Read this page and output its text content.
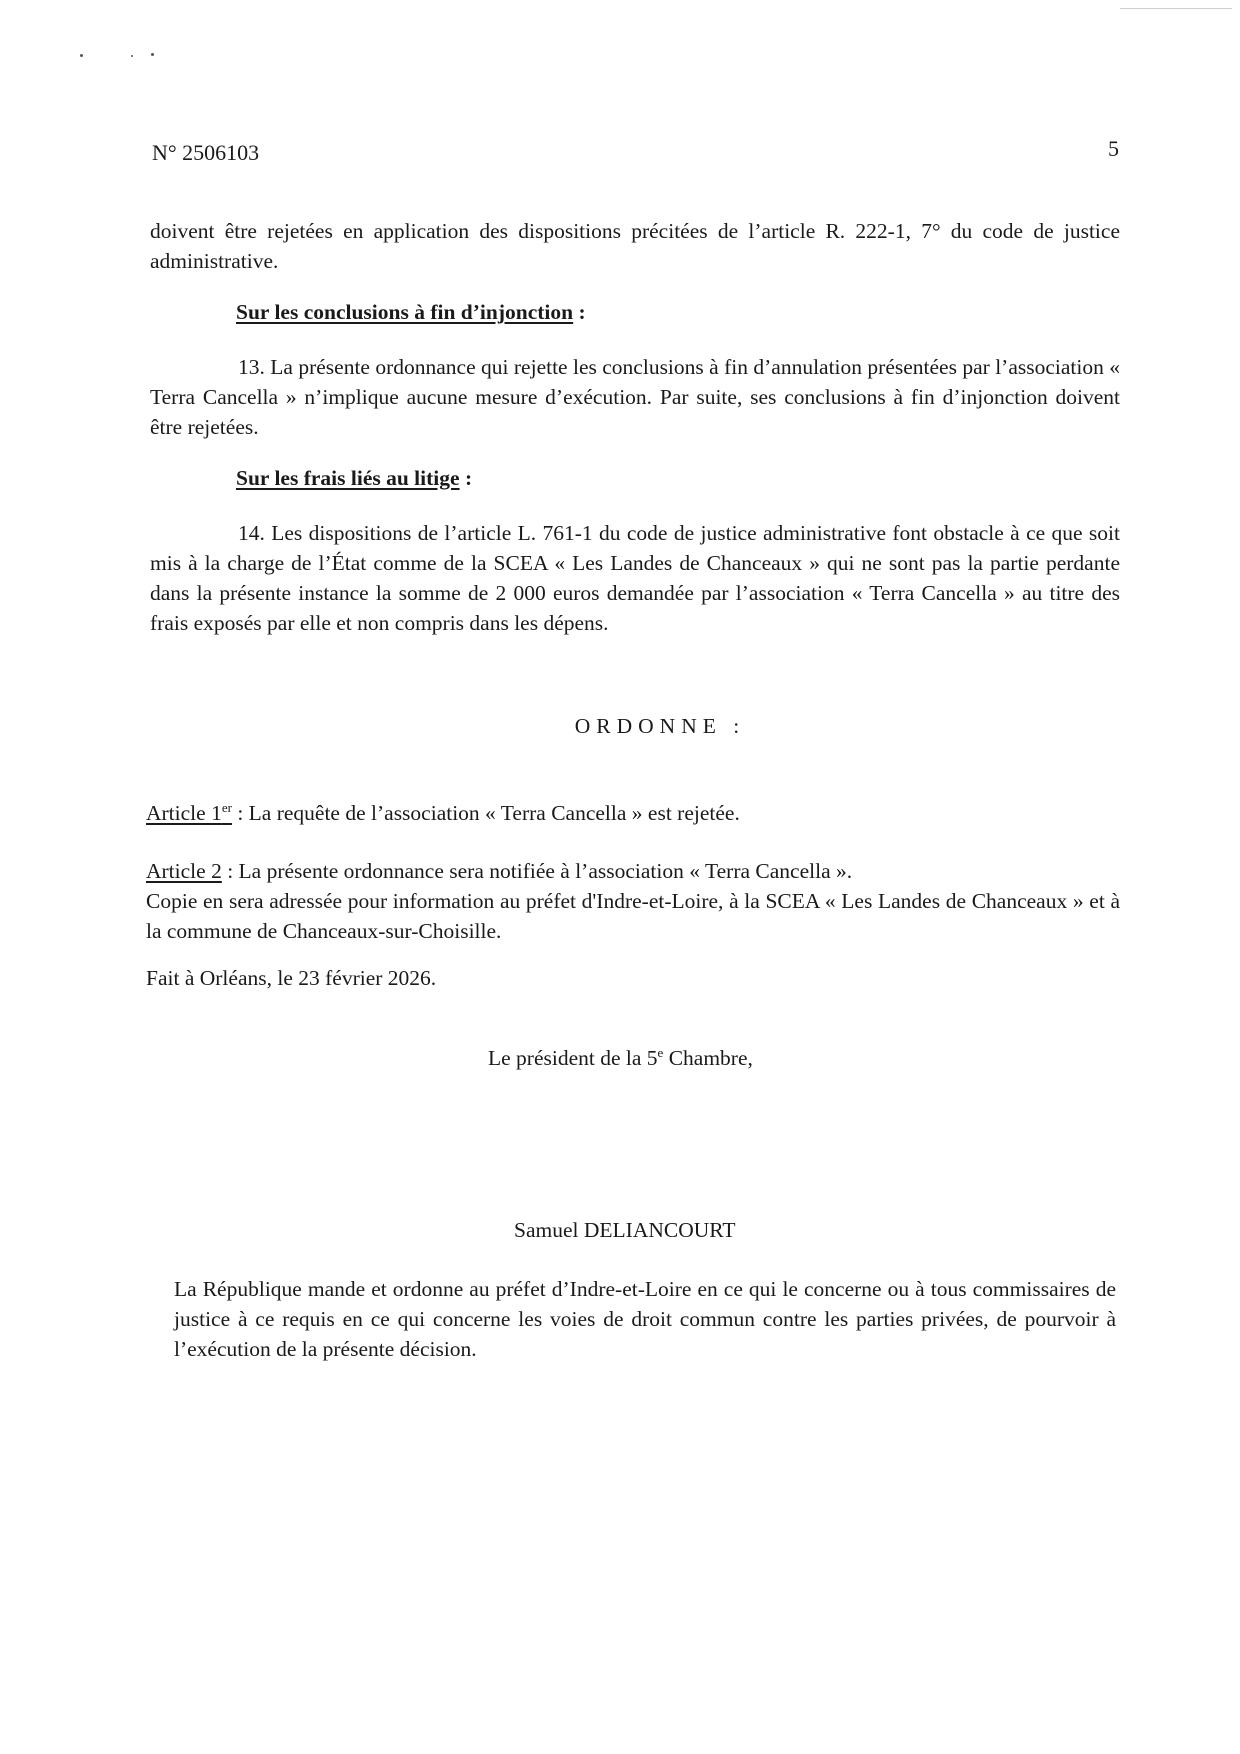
N° 2506103	5

doivent être rejetées en application des dispositions précitées de l’article R. 222-1, 7° du code de justice administrative.

Sur les conclusions à fin d’injonction :

13. La présente ordonnance qui rejette les conclusions à fin d’annulation présentées par l’association « Terra Cancella » n’implique aucune mesure d’exécution. Par suite, ses conclusions à fin d’injonction doivent être rejetées.

Sur les frais liés au litige :

14. Les dispositions de l’article L. 761-1 du code de justice administrative font obstacle à ce que soit mis à la charge de l’État comme de la SCEA « Les Landes de Chanceaux » qui ne sont pas la partie perdante dans la présente instance la somme de 2 000 euros demandée par l’association « Terra Cancella » au titre des frais exposés par elle et non compris dans les dépens.

ORDONNE :

Article 1er : La requête de l’association « Terra Cancella » est rejetée.

Article 2 : La présente ordonnance sera notifiée à l’association « Terra Cancella ».
Copie en sera adressée pour information au préfet d'Indre-et-Loire, à la SCEA « Les Landes de Chanceaux » et à la commune de Chanceaux-sur-Choisille.
Fait à Orléans, le 23 février 2026.
Le président de la 5e Chambre,
Samuel DELIANCOURT

La République mande et ordonne au préfet d’Indre-et-Loire en ce qui le concerne ou à tous commissaires de justice à ce requis en ce qui concerne les voies de droit commun contre les parties privées, de pourvoir à l’exécution de la présente décision.
